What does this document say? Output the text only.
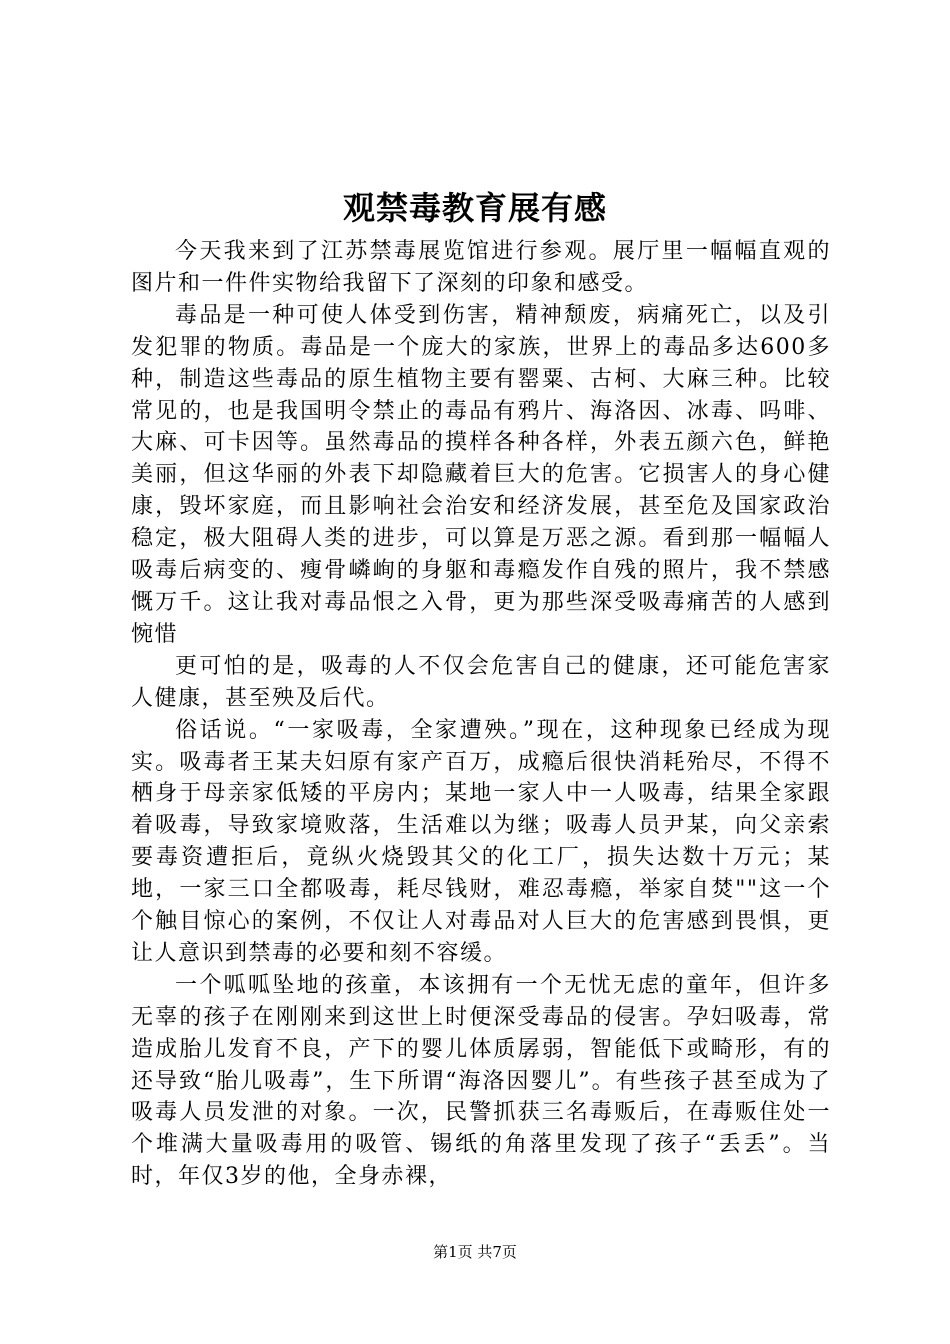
观禁毒教育展有感

今天我来到了江苏禁毒展览馆进行参观。展厅里一幅幅直观的图片和一件件实物给我留下了深刻的印象和感受。

毒品是一种可使人体受到伤害，精神颓废，病痛死亡，以及引发犯罪的物质。毒品是一个庞大的家族，世界上的毒品多达600多种，制造这些毒品的原生植物主要有罂粟、古柯、大麻三种。比较常见的，也是我国明令禁止的毒品有鸦片、海洛因、冰毒、吗啡、大麻、可卡因等。虽然毒品的摸样各种各样，外表五颜六色，鲜艳美丽，但这华丽的外表下却隐藏着巨大的危害。它损害人的身心健康，毁坏家庭，而且影响社会治安和经济发展，甚至危及国家政治稳定，极大阻碍人类的进步，可以算是万恶之源。看到那一幅幅人吸毒后病变的、瘦骨嶙峋的身躯和毒瘾发作自残的照片，我不禁感慨万千。这让我对毒品恨之入骨，更为那些深受吸毒痛苦的人感到惋惜

更可怕的是，吸毒的人不仅会危害自己的健康，还可能危害家人健康，甚至殃及后代。

俗话说。“一家吸毒，全家遭殃。”现在，这种现象已经成为现实。吸毒者王某夫妇原有家产百万，成瘾后很快消耗殆尽，不得不栖身于母亲家低矮的平房内；某地一家人中一人吸毒，结果全家跟着吸毒，导致家境败落，生活难以为继；吸毒人员尹某，向父亲索要毒资遭拒后，竟纵火烧毁其父的化工厂，损失达数十万元；某地，一家三口全都吸毒，耗尽钱财，难忍毒瘾，举家自焚""这一个个触目惊心的案例，不仅让人对毒品对人巨大的危害感到畏惧，更让人意识到禁毒的必要和刻不容缓。

一个呱呱坠地的孩童，本该拥有一个无忧无虑的童年，但许多无辜的孩子在刚刚来到这世上时便深受毒品的侵害。孕妇吸毒，常造成胎儿发育不良，产下的婴儿体质孱弱，智能低下或畸形，有的还导致“胎儿吸毒”，生下所谓“海洛因婴儿”。有些孩子甚至成为了吸毒人员发泄的对象。一次，民警抓获三名毒贩后，在毒贩住处一个堆满大量吸毒用的吸管、锡纸的角落里发现了孩子“丢丢”。当时，年仅3岁的他，全身赤裸，

第1页 共7页
